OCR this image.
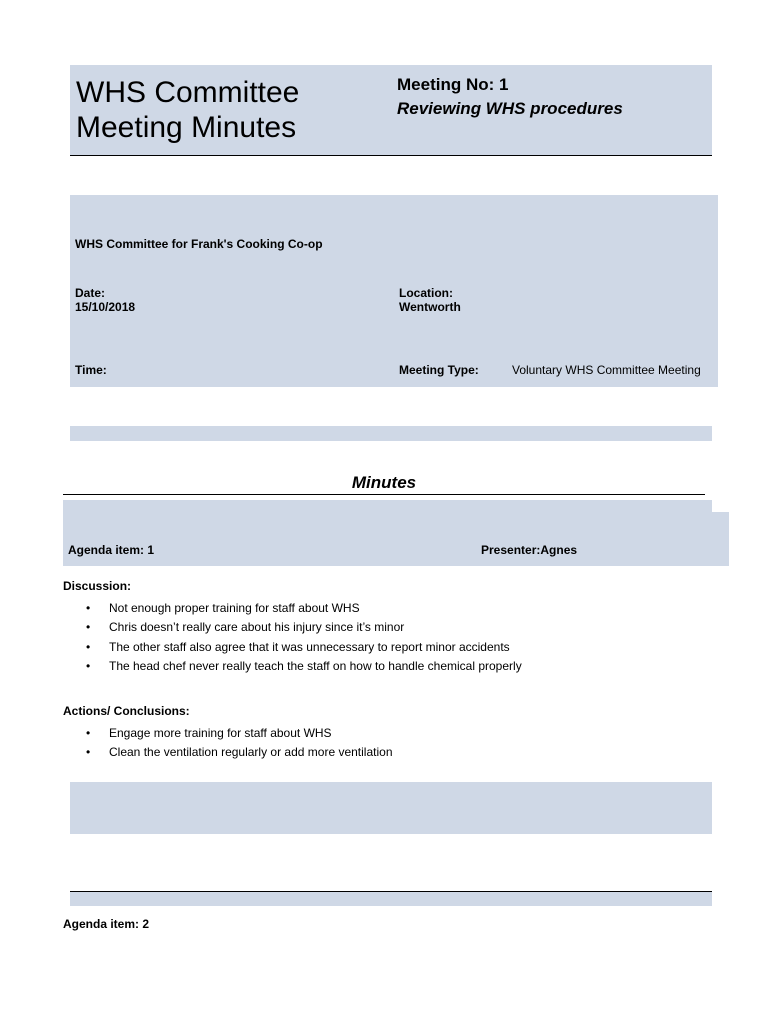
WHS Committee Meeting Minutes
Meeting No: 1
Reviewing WHS procedures
WHS Committee for Frank's Cooking Co-op
Date:
15/10/2018
Location:
Wentworth
Time:	Meeting Type:	Voluntary WHS Committee Meeting
Minutes
Agenda item: 1	Presenter:Agnes
Discussion:
• Not enough proper training for staff about WHS
• Chris doesn’t really care about his injury since it’s minor
• The other staff also agree that it was unnecessary to report minor accidents
• The head chef never really teach the staff on how to handle chemical properly
Actions/ Conclusions:
• Engage more training for staff about WHS
• Clean the ventilation regularly or add more ventilation
Agenda item: 2
